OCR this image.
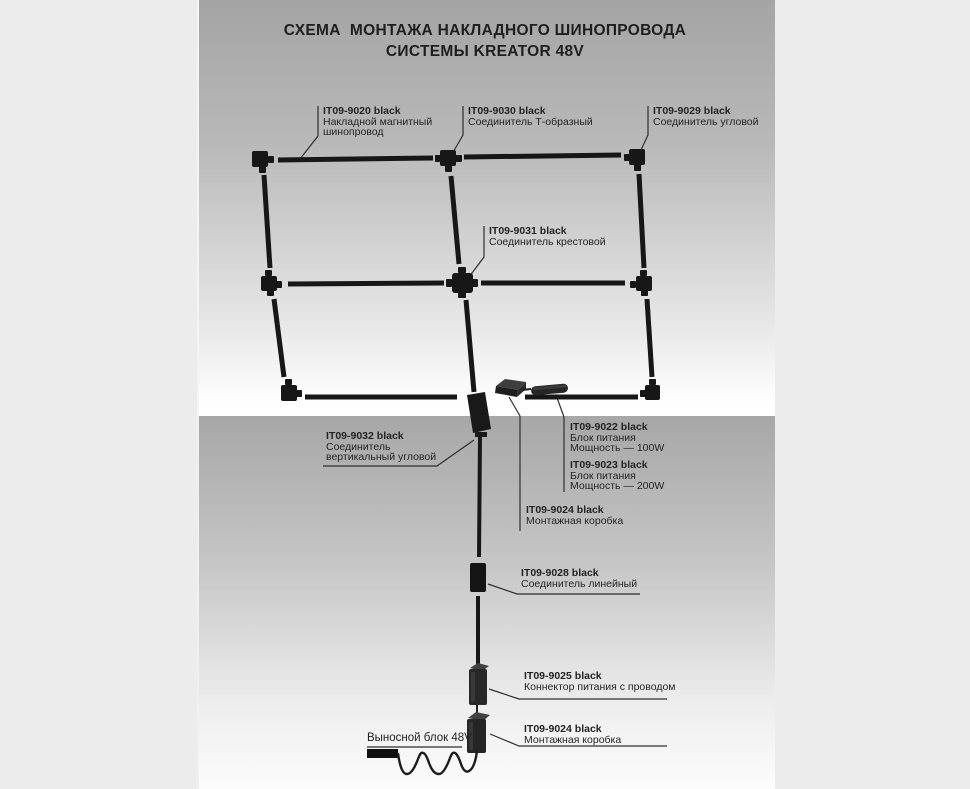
СХЕМА  МОНТАЖА НАКЛАДНОГО ШИНОПРОВОДА
СИСТЕМЫ KREATOR 48V
IT09-9020 black
Накладной магнитный
шинопровод
IT09-9030 black
Соединитель Т-образный
IT09-9029 black
Соединитель угловой
IT09-9031 black
Соединитель крестовой
IT09-9032 black
Соединитель
вертикальный угловой
IT09-9022 black
Блок питания
Мощность — 100W
IT09-9023 black
Блок питания
Мощность — 200W
IT09-9024 black
Монтажная коробка
IT09-9028 black
Соединитель линейный
IT09-9025 black
Коннектор питания с проводом
IT09-9024 black
Монтажная коробка
Выносной блок 48V
